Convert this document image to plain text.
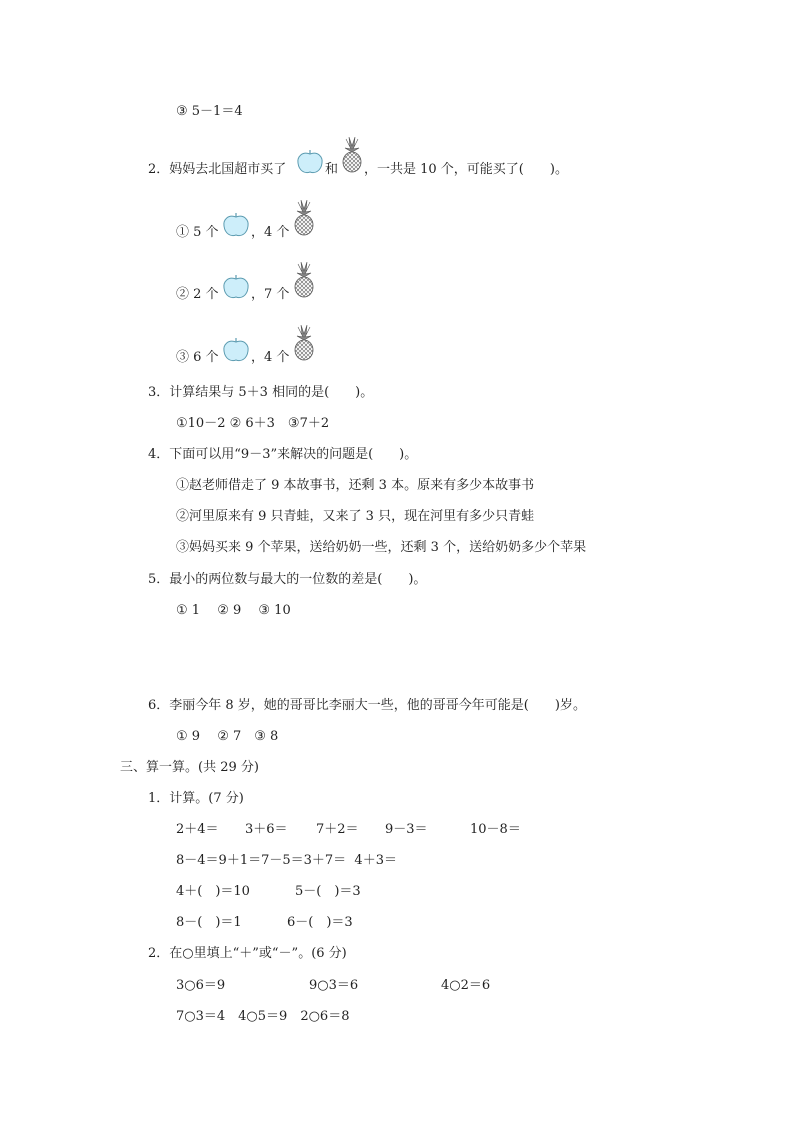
③ 5－1＝4
2．妈妈去北国超市买了	和 ，一共是 10 个，可能买了(　　)。
① 5 个 ，4 个
② 2 个 ，7 个
③ 6 个 ，4 个
3．计算结果与 5＋3 相同的是(　　)。
①10－2 ② 6＋3　③7＋2
4．下面可以用“9－3”来解决的问题是(　　)。
①赵老师借走了 9 本故事书，还剩 3 本。原来有多少本故事书
②河里原来有 9 只青蛙，又来了 3 只，现在河里有多少只青蛙
③妈妈买来 9 个苹果，送给奶奶一些，还剩 3 个，送给奶奶多少个苹果
5．最小的两位数与最大的一位数的差是(　　)。
① 1　 ② 9　 ③ 10
6．李丽今年 8 岁，她的哥哥比李丽大一些，他的哥哥今年可能是(　　)岁。
① 9　 ② 7　③ 8
三、算一算。(共 29 分)
1．计算。(7 分)
2＋4＝ 3＋6＝ 7＋2＝ 9－3＝	10－8＝
8－4＝9＋1＝7－5＝3＋7＝  4＋3＝
4＋(　)＝10	5－(　)＝3
8－(　)＝1	6－(　)＝3
2．在○里填上“＋”或“－”。(6 分)
3○6＝9	9○3＝6	4○2＝6
7○3＝4　4○5＝9　2○6＝8
